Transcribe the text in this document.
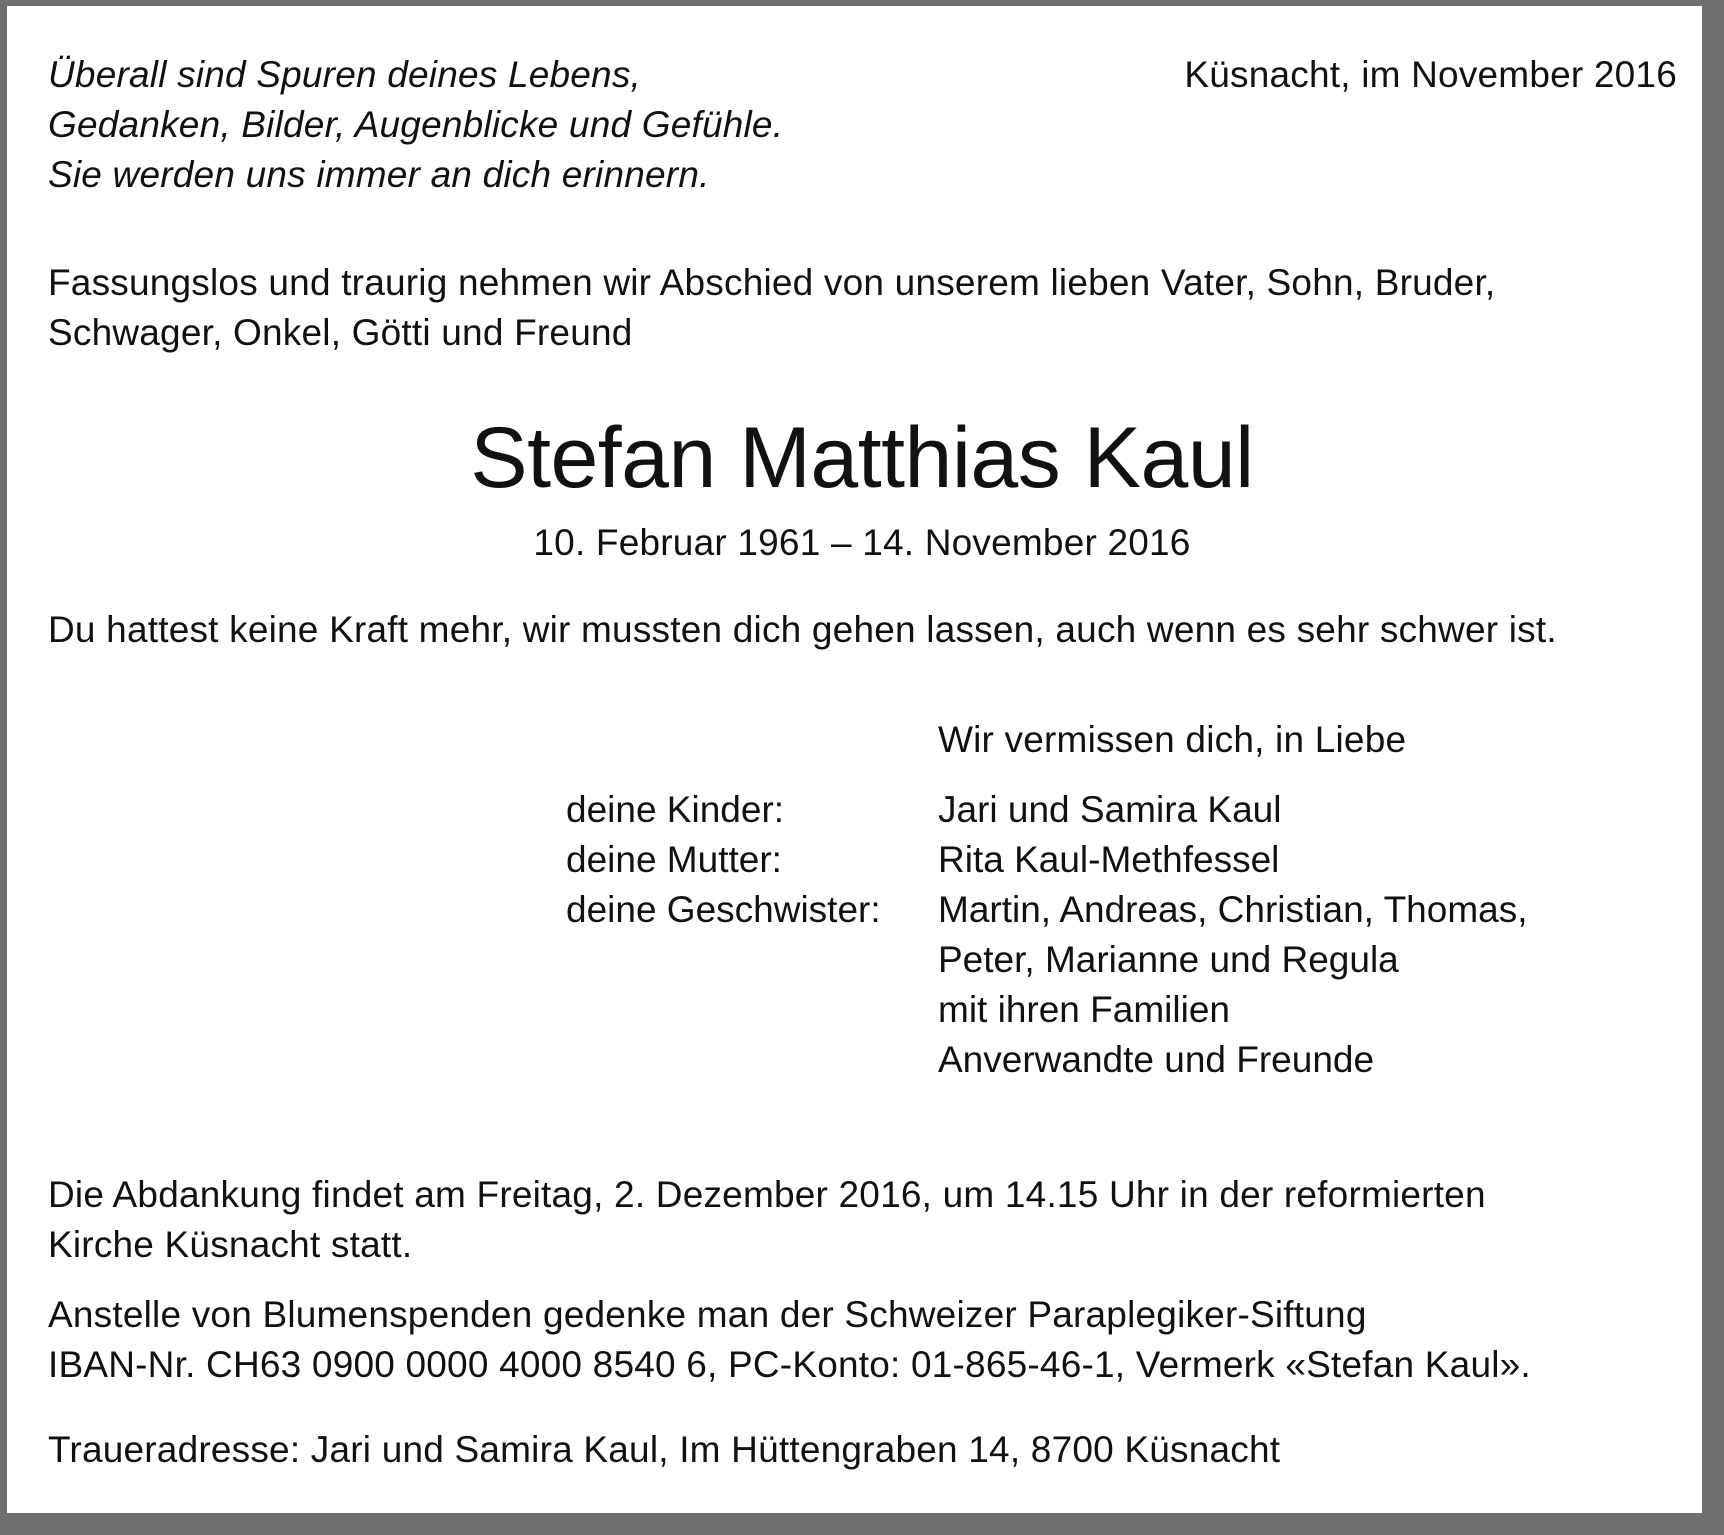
Überall sind Spuren deines Lebens,
Gedanken, Bilder, Augenblicke und Gefühle.
Sie werden uns immer an dich erinnern.
Küsnacht, im November 2016
Fassungslos und traurig nehmen wir Abschied von unserem lieben Vater, Sohn, Bruder,
Schwager, Onkel, Götti und Freund
Stefan Matthias Kaul
10. Februar 1961 – 14. November 2016
Du hattest keine Kraft mehr, wir mussten dich gehen lassen, auch wenn es sehr schwer ist.
Wir vermissen dich, in Liebe
deine Kinder:	Jari und Samira Kaul
deine Mutter:	Rita Kaul-Methfessel
deine Geschwister:	Martin, Andreas, Christian, Thomas,
Peter, Marianne und Regula
mit ihren Familien
Anverwandte und Freunde
Die Abdankung findet am Freitag, 2. Dezember 2016, um 14.15 Uhr in der reformierten
Kirche Küsnacht statt.
Anstelle von Blumenspenden gedenke man der Schweizer Paraplegiker-Siftung
IBAN-Nr. CH63 0900 0000 4000 8540 6, PC-Konto: 01-865-46-1, Vermerk «Stefan Kaul».
Traueradresse: Jari und Samira Kaul, Im Hüttengraben 14, 8700 Küsnacht
